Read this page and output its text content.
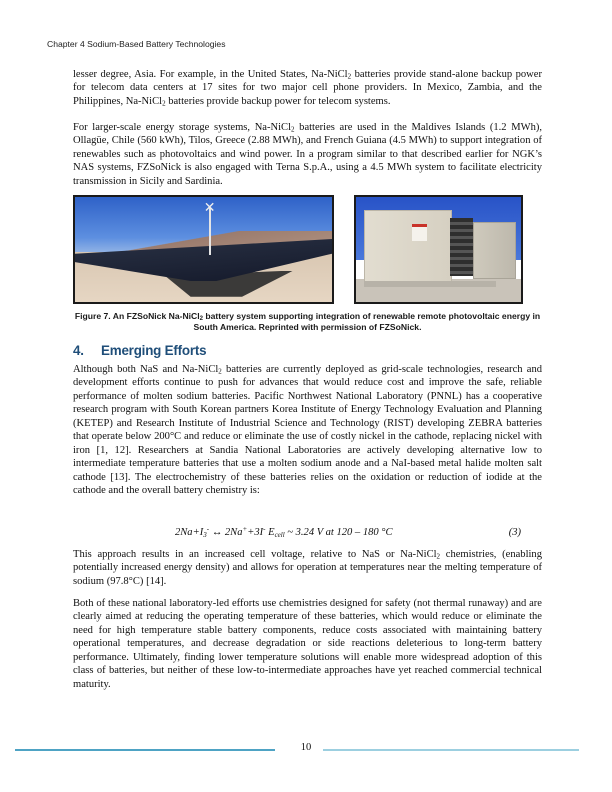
Chapter 4 Sodium-Based Battery Technologies

lesser degree, Asia. For example, in the United States, Na-NiCl$_2$ batteries provide stand-alone backup power for telecom data centers at 17 sites for two major cell phone providers. In Mexico, Zambia, and the Philippines, Na-NiCl$_2$ batteries provide backup power for telecom systems.

For larger-scale energy storage systems, Na-NiCl$_2$ batteries are used in the Maldives Islands (1.2 MWh), Ollagüe, Chile (560 kWh), Tilos, Greece (2.88 MWh), and French Guiana (4.5 MWh) to support integration of renewables such as photovoltaics and wind power. In a program similar to that described earlier for NGK’s NAS systems, FZSoNick is also engaged with Terna S.p.A., using a 4.5 MWh system to facilitate electricity transmission in Sicily and Sardinia.

✕
Figure 7. An FZSoNick Na-NiCl$_2$ battery system supporting integration of renewable remote photovoltaic energy in South America. Reprinted with permission of FZSoNick.
4. Emerging Efforts

Although both NaS and Na-NiCl$_2$ batteries are currently deployed as grid-scale technologies, research and development efforts continue to push for advances that would reduce cost and improve the safe, reliable performance of molten sodium batteries. Pacific Northwest National Laboratory (PNNL) has a cooperative research program with South Korean partners Korea Institute of Energy Technology Evaluation and Planning (KETEP) and Research Institute of Industrial Science and Technology (RIST) developing ZEBRA batteries that operate below 200°C and reduce or eliminate the use of costly nickel in the cathode, replacing nickel with iron [1, 12]. Researchers at Sandia National Laboratories are actively developing alternative low to intermediate temperature batteries that use a molten sodium anode and a NaI-based metal halide molten salt cathode [13]. The electrochemistry of these batteries relies on the oxidation or reduction of iodide at the cathode and the overall battery chemistry is:

$2Na+I_3^-$ ↔ 2Na++3I- $E_{cell}$ ~ 3.24 V at 120 – 180 °C	(3)

This approach results in an increased cell voltage, relative to NaS or Na-NiCl$_2$ chemistries, (enabling potentially increased energy density) and allows for operation at temperatures near the melting temperature of sodium (97.8°C) [14].

Both of these national laboratory-led efforts use chemistries designed for safety (not thermal runaway) and are clearly aimed at reducing the operating temperature of these batteries, which would reduce or eliminate the need for high temperature stable battery components, reduce costs associated with maintaining battery operational temperatures, and decrease degradation or side reactions deleterious to long-term battery performance. Ultimately, finding lower temperature solutions will enable more widespread adoption of this class of batteries, but neither of these low-to-intermediate approaches have yet reached commercial technical maturity.

10
